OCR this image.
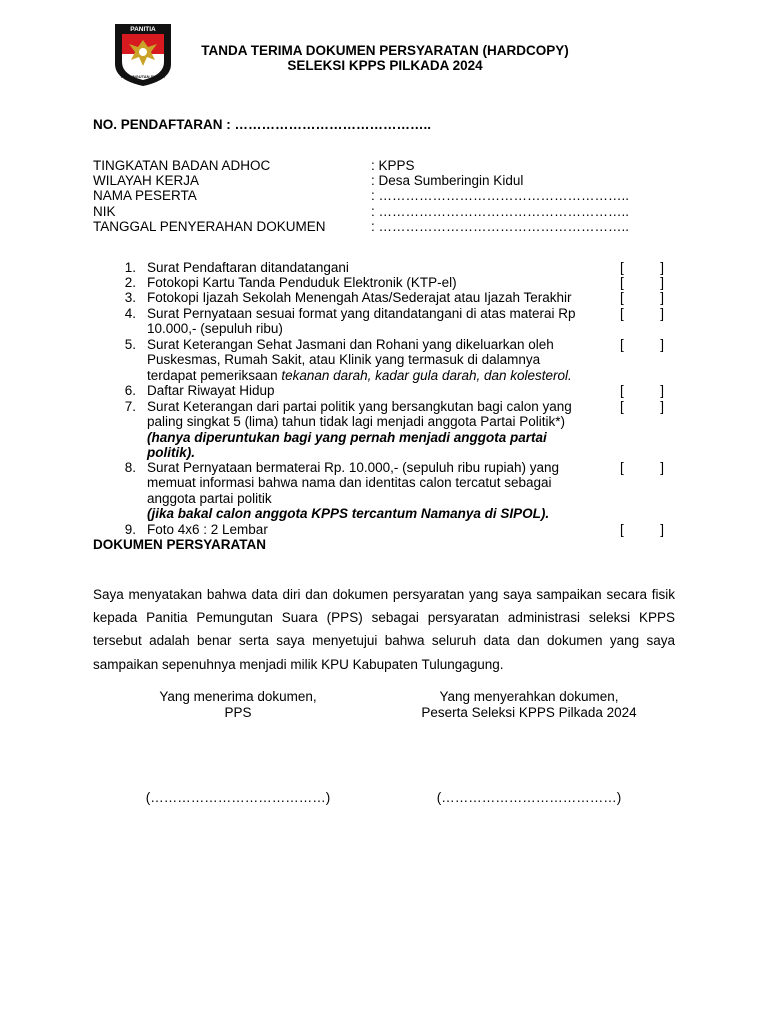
PANITIA
PEMUNGUTAN SUARA
TANDA TERIMA DOKUMEN PERSYARATAN (HARDCOPY)
SELEKSI KPPS PILKADA 2024
NO. PENDAFTARAN : ……………………………………..
TINGKATAN BADAN ADHOC	: KPPS
WILAYAH KERJA	: Desa Sumberingin Kidul
NAMA PESERTA	: ………………………………………………..
NIK	: ………………………………………………..
TANGGAL PENYERAHAN DOKUMEN	: ………………………………………………..
1. Surat Pendaftaran ditandatangani	[	]
2. Fotokopi Kartu Tanda Penduduk Elektronik (KTP-el)	[	]
3. Fotokopi Ijazah Sekolah Menengah Atas/Sederajat atau Ijazah Terakhir	[	]
4. Surat Pernyataan sesuai format yang ditandatangani di atas materai Rp
10.000,- (sepuluh ribu)
[	]
5. Surat Keterangan Sehat Jasmani dan Rohani yang dikeluarkan oleh
Puskesmas, Rumah Sakit, atau Klinik yang termasuk di dalamnya
terdapat pemeriksaan tekanan darah, kadar gula darah, dan kolesterol.
[	]
6. Daftar Riwayat Hidup	[	]
7. Surat Keterangan dari partai politik yang bersangkutan bagi calon yang
paling singkat 5 (lima) tahun tidak lagi menjadi anggota Partai Politik*)
(hanya diperuntukan bagi yang pernah menjadi anggota partai
politik).
[	]
8. Surat Pernyataan bermaterai Rp. 10.000,- (sepuluh ribu rupiah) yang
memuat informasi bahwa nama dan identitas calon tercatut sebagai
anggota partai politik
(jika bakal calon anggota KPPS tercantum Namanya di SIPOL).
[	]
9. Foto 4x6 : 2 Lembar	[	]
DOKUMEN PERSYARATAN
Saya menyatakan bahwa data diri dan dokumen persyaratan yang saya sampaikan secara fisik kepada Panitia Pemungutan Suara (PPS) sebagai persyaratan administrasi seleksi KPPS tersebut adalah benar serta saya menyetujui bahwa seluruh data dan dokumen yang saya sampaikan sepenuhnya menjadi milik KPU Kabupaten Tulungagung.
Yang menerima dokumen,
PPS
Yang menyerahkan dokumen,
Peserta Seleksi KPPS Pilkada 2024
(…………………………………)	(…………………………………)
